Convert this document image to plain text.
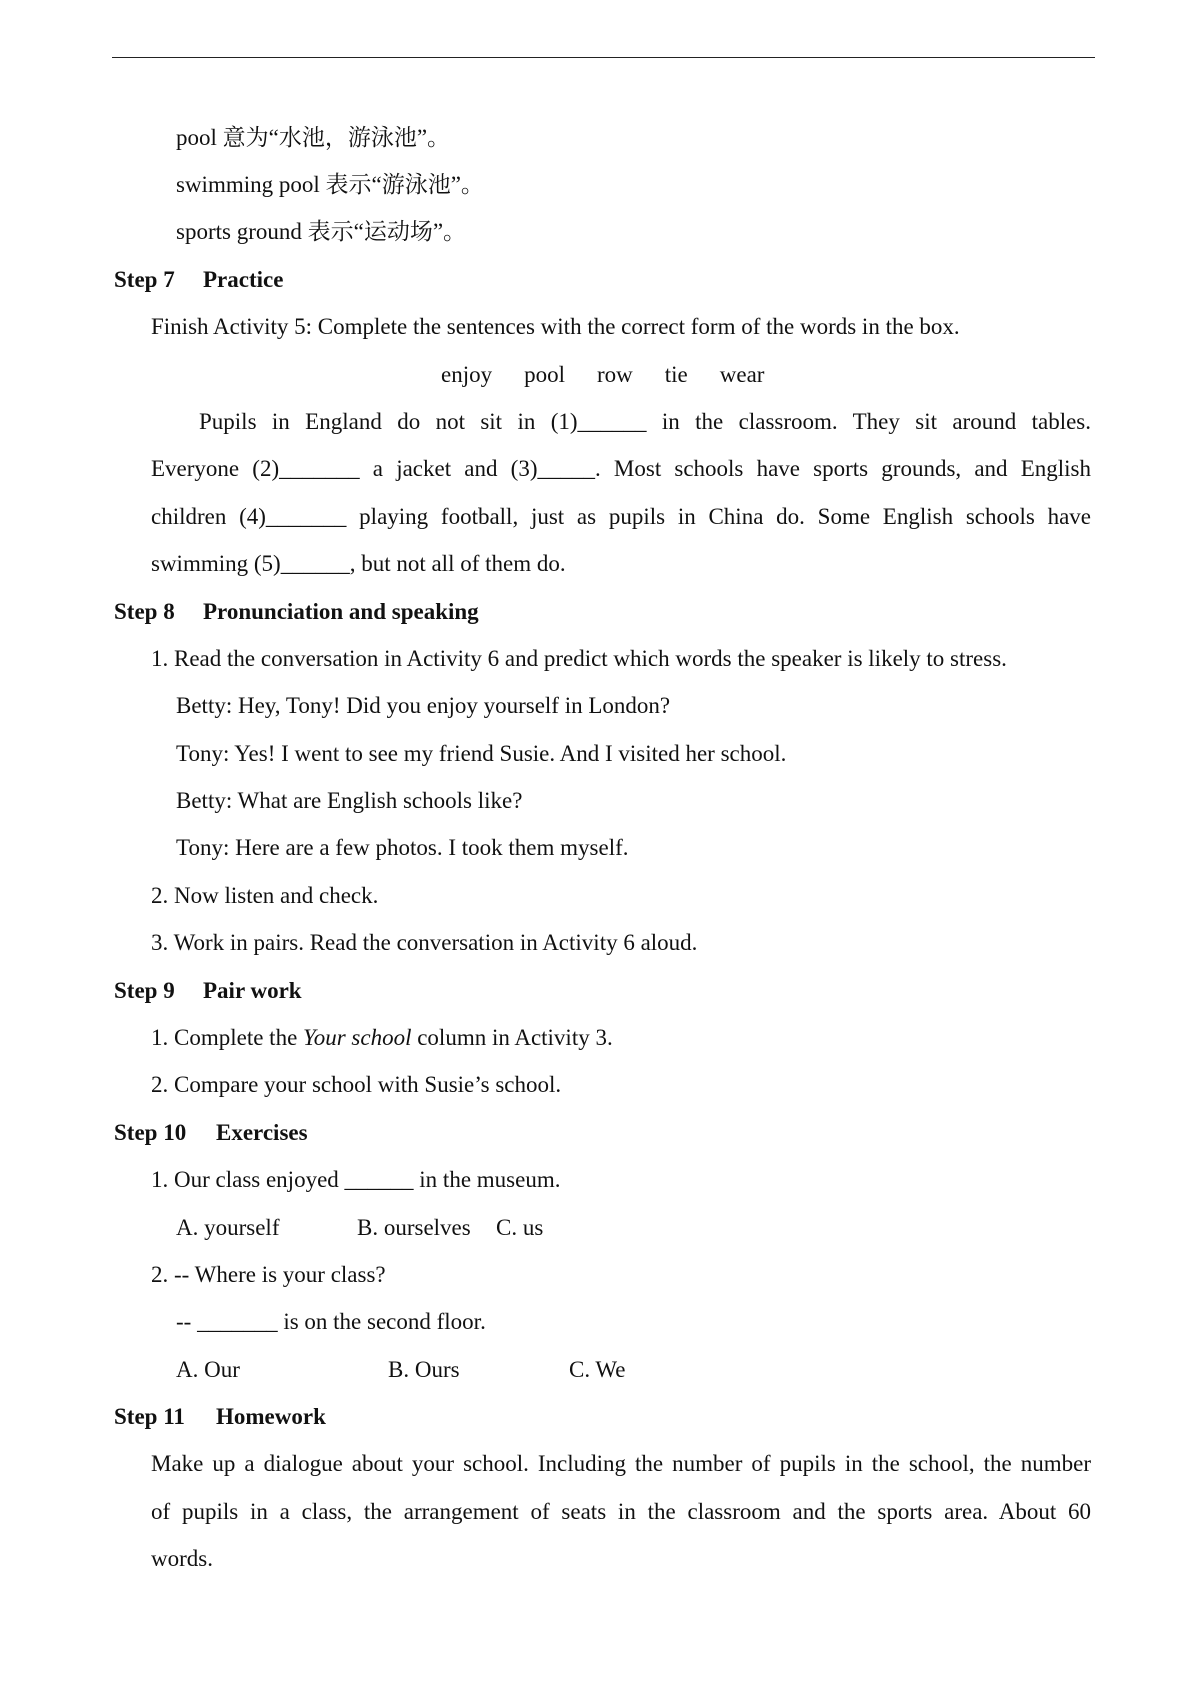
pool 意为“水池，游泳池”。
swimming pool 表示“游泳池”。
sports ground 表示“运动场”。
Step 7 Practice
Finish Activity 5: Complete the sentences with the correct form of the words in the box.
enjoy pool row tie wear
Pupils in England do not sit in (1)______ in the classroom. They sit around tables.
Everyone (2)_______ a jacket and (3)_____. Most schools have sports grounds, and English
children (4)_______ playing football, just as pupils in China do. Some English schools have
swimming (5)______, but not all of them do.
Step 8 Pronunciation and speaking
1. Read the conversation in Activity 6 and predict which words the speaker is likely to stress.
Betty: Hey, Tony! Did you enjoy yourself in London?
Tony: Yes! I went to see my friend Susie. And I visited her school.
Betty: What are English schools like?
Tony: Here are a few photos. I took them myself.
2. Now listen and check.
3. Work in pairs. Read the conversation in Activity 6 aloud.
Step 9 Pair work
1. Complete the Your school column in Activity 3.
2. Compare your school with Susie’s school.
Step 10 Exercises
1. Our class enjoyed ______ in the museum.
A. yourself	B. ourselves C. us
2. -- Where is your class?
-- _______ is on the second floor.
A. Our	B. Ours	C. We
Step 11 Homework
Make up a dialogue about your school. Including the number of pupils in the school, the number
of pupils in a class, the arrangement of seats in the classroom and the sports area. About 60
words.
